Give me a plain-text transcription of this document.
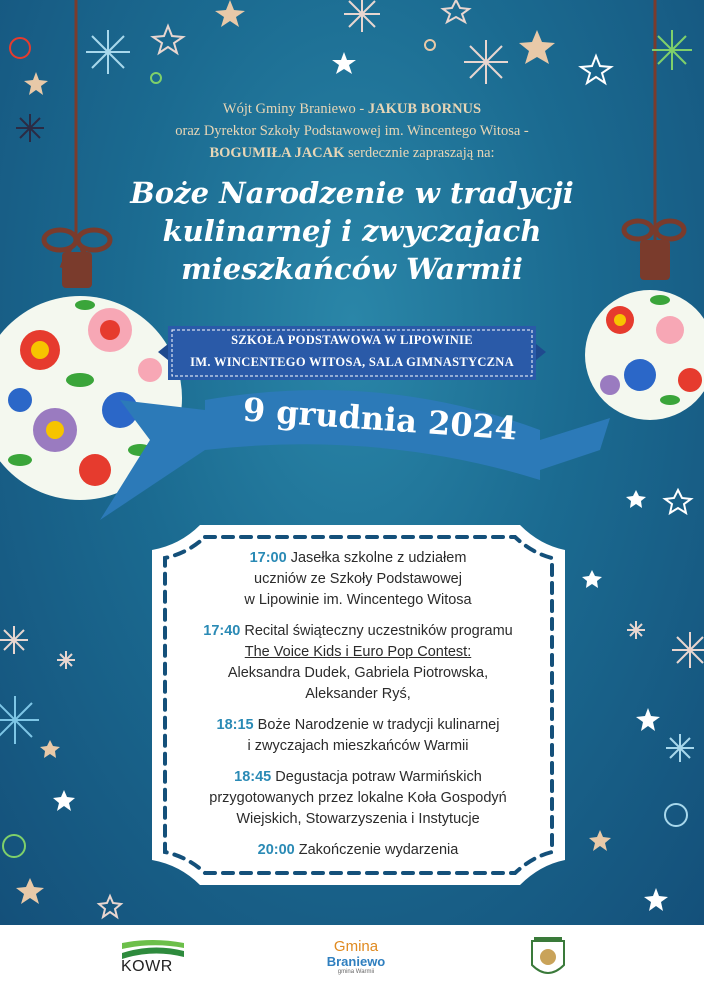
Wójt Gminy Braniewo - JAKUB BORNUS
oraz Dyrektor Szkoły Podstawowej im. Wincentego Witosa -
BOGUMIŁA JACAK serdecznie zapraszają na:
Boże Narodzenie w tradycji
kulinarnej i zwyczajach
mieszkańców Warmii
SZKOŁA PODSTAWOWA W LIPOWINIE
IM. WINCENTEGO WITOSA, SALA GIMNASTYCZNA
9 grudnia 2024
17:00 Jasełka szkolne z udziałem
uczniów ze Szkoły Podstawowej
w Lipowinie im. Wincentego Witosa
17:40 Recital świąteczny uczestników programu
The Voice Kids i Euro Pop Contest:
Aleksandra Dudek, Gabriela Piotrowska,
Aleksander Ryś,
18:15 Boże Narodzenie w tradycji kulinarnej
i zwyczajach mieszkańców Warmii
18:45 Degustacja potraw Warmińskich
przygotowanych przez lokalne Koła Gospodyń
Wiejskich, Stowarzyszenia i Instytucje
20:00 Zakończenie wydarzenia
KOWR
Gmina
Braniewo
gmina Warmii
